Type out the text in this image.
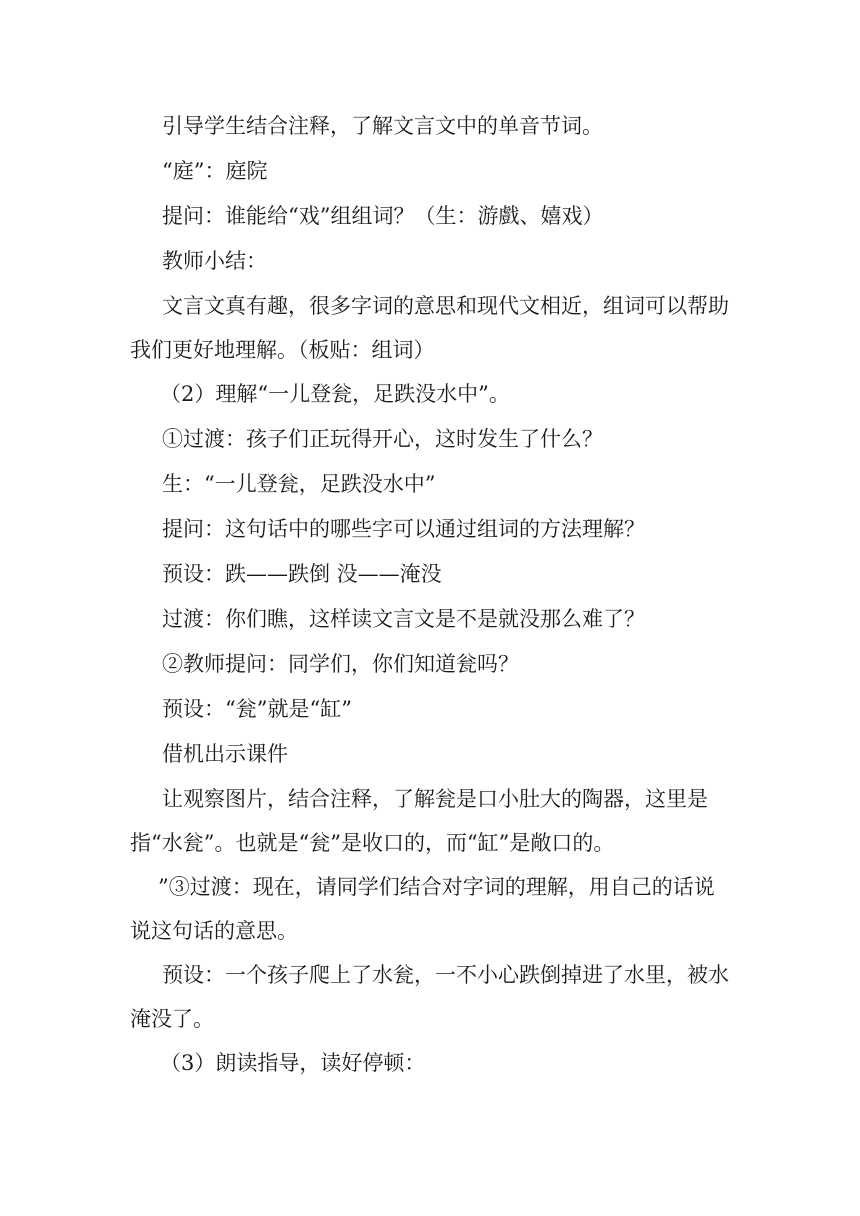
引导学生结合注释，了解文言文中的单音节词。

“庭”：庭院

提问：谁能给“戏”组组词？（生：游戲、嬉戏）

教师小结：

文言文真有趣，很多字词的意思和现代文相近，组词可以帮助我们更好地理解。（板贴：组词）

（2）理解“一儿登瓮，足跌没水中”。

①过渡：孩子们正玩得开心，这时发生了什么？

生：“一儿登瓮，足跌没水中”

提问：这句话中的哪些字可以通过组词的方法理解？

预设：跌——跌倒 没——淹没

过渡：你们瞧，这样读文言文是不是就没那么难了？

②教师提问：同学们，你们知道瓮吗？

预设：“瓮”就是“缸”

借机出示课件

让观察图片，结合注释，了解瓮是口小肚大的陶器，这里是指“水瓮”。也就是“瓮”是收口的，而“缸”是敞口的。

”③过渡：现在，请同学们结合对字词的理解，用自己的话说说这句话的意思。

预设：一个孩子爬上了水瓮，一不小心跌倒掉进了水里，被水淹没了。

（3）朗读指导，读好停顿：
